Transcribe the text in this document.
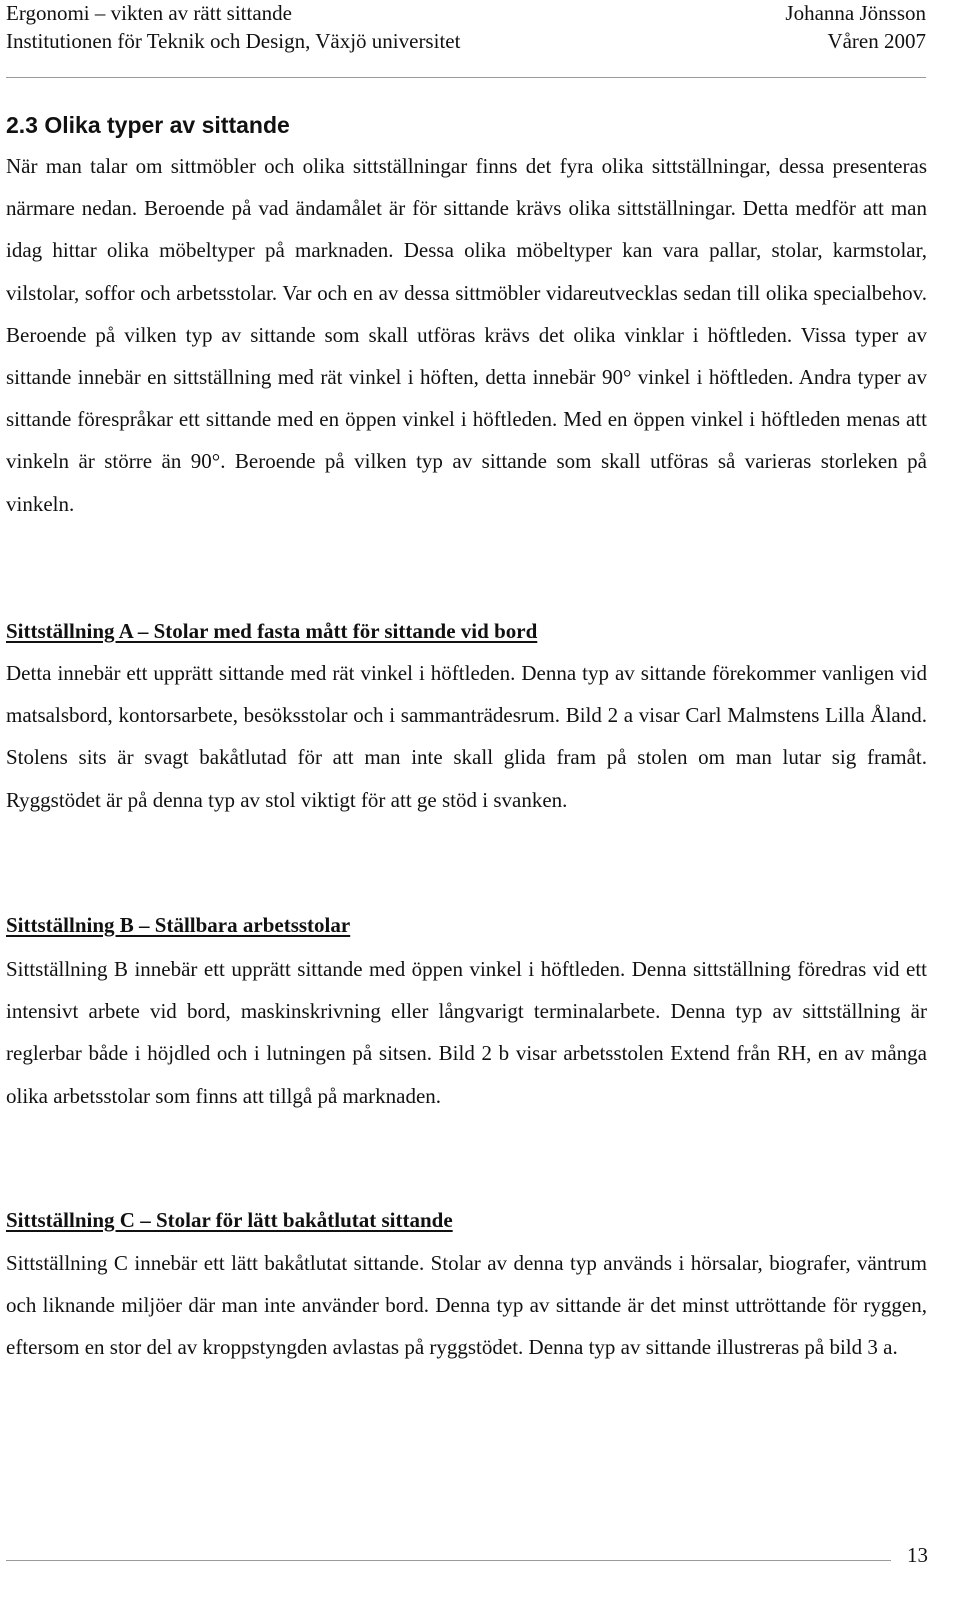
Ergonomi – vikten av rätt sittande	Johanna Jönsson
Institutionen för Teknik och Design, Växjö universitet	Våren 2007
2.3 Olika typer av sittande

När man talar om sittmöbler och olika sittställningar finns det fyra olika sittställningar, dessa presenteras närmare nedan. Beroende på vad ändamålet är för sittande krävs olika sittställningar. Detta medför att man idag hittar olika möbeltyper på marknaden. Dessa olika möbeltyper kan vara pallar, stolar, karmstolar, vilstolar, soffor och arbetsstolar. Var och en av dessa sittmöbler vidareutvecklas sedan till olika specialbehov. Beroende på vilken typ av sittande som skall utföras krävs det olika vinklar i höftleden. Vissa typer av sittande innebär en sittställning med rät vinkel i höften, detta innebär 90° vinkel i höftleden. Andra typer av sittande förespråkar ett sittande med en öppen vinkel i höftleden. Med en öppen vinkel i höftleden menas att vinkeln är större än 90°. Beroende på vilken typ av sittande som skall utföras så varieras storleken på vinkeln.

Sittställning A – Stolar med fasta mått för sittande vid bord

Detta innebär ett upprätt sittande med rät vinkel i höftleden. Denna typ av sittande förekommer vanligen vid matsalsbord, kontorsarbete, besöksstolar och i sammanträdesrum. Bild 2 a visar Carl Malmstens Lilla Åland. Stolens sits är svagt bakåtlutad för att man inte skall glida fram på stolen om man lutar sig framåt. Ryggstödet är på denna typ av stol viktigt för att ge stöd i svanken.

Sittställning B – Ställbara arbetsstolar

Sittställning B innebär ett upprätt sittande med öppen vinkel i höftleden. Denna sittställning föredras vid ett intensivt arbete vid bord, maskinskrivning eller långvarigt terminalarbete. Denna typ av sittställning är reglerbar både i höjdled och i lutningen på sitsen. Bild 2 b visar arbetsstolen Extend från RH, en av många olika arbetsstolar som finns att tillgå på marknaden.

Sittställning C – Stolar för lätt bakåtlutat sittande

Sittställning C innebär ett lätt bakåtlutat sittande. Stolar av denna typ används i hörsalar, biografer, väntrum och liknande miljöer där man inte använder bord. Denna typ av sittande är det minst uttröttande för ryggen, eftersom en stor del av kroppstyngden avlastas på ryggstödet. Denna typ av sittande illustreras på bild 3 a.

13
